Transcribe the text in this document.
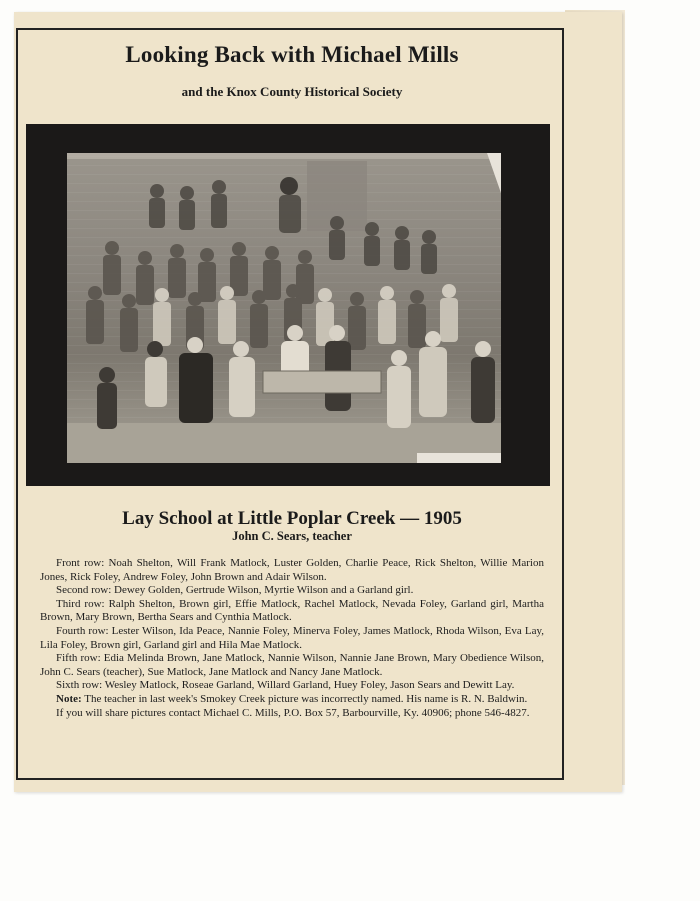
Looking Back with Michael Mills
and the Knox County Historical Society
Lay School at Little Poplar Creek — 1905
John C. Sears, teacher

Front row: Noah Shelton, Will Frank Matlock, Luster Golden, Charlie Peace, Rick Shelton, Willie Marion Jones, Rick Foley, Andrew Foley, John Brown and Adair Wilson.

Second row: Dewey Golden, Gertrude Wilson, Myrtie Wilson and a Garland girl.

Third row: Ralph Shelton, Brown girl, Effie Matlock, Rachel Matlock, Nevada Foley, Garland girl, Martha Brown, Mary Brown, Bertha Sears and Cynthia Matlock.

Fourth row: Lester Wilson, Ida Peace, Nannie Foley, Minerva Foley, James Matlock, Rhoda Wilson, Eva Lay, Lila Foley, Brown girl, Garland girl and Hila Mae Matlock.

Fifth row: Edia Melinda Brown, Jane Matlock, Nannie Wilson, Nannie Jane Brown, Mary Obedience Wilson, John C. Sears (teacher), Sue Matlock, Jane Matlock and Nancy Jane Matlock.

Sixth row: Wesley Matlock, Roseae Garland, Willard Garland, Huey Foley, Jason Sears and Dewitt Lay.

Note: The teacher in last week's Smokey Creek picture was incorrectly named. His name is R. N. Baldwin.

If you will share pictures contact Michael C. Mills, P.O. Box 57, Barbourville, Ky. 40906; phone 546-4827.
